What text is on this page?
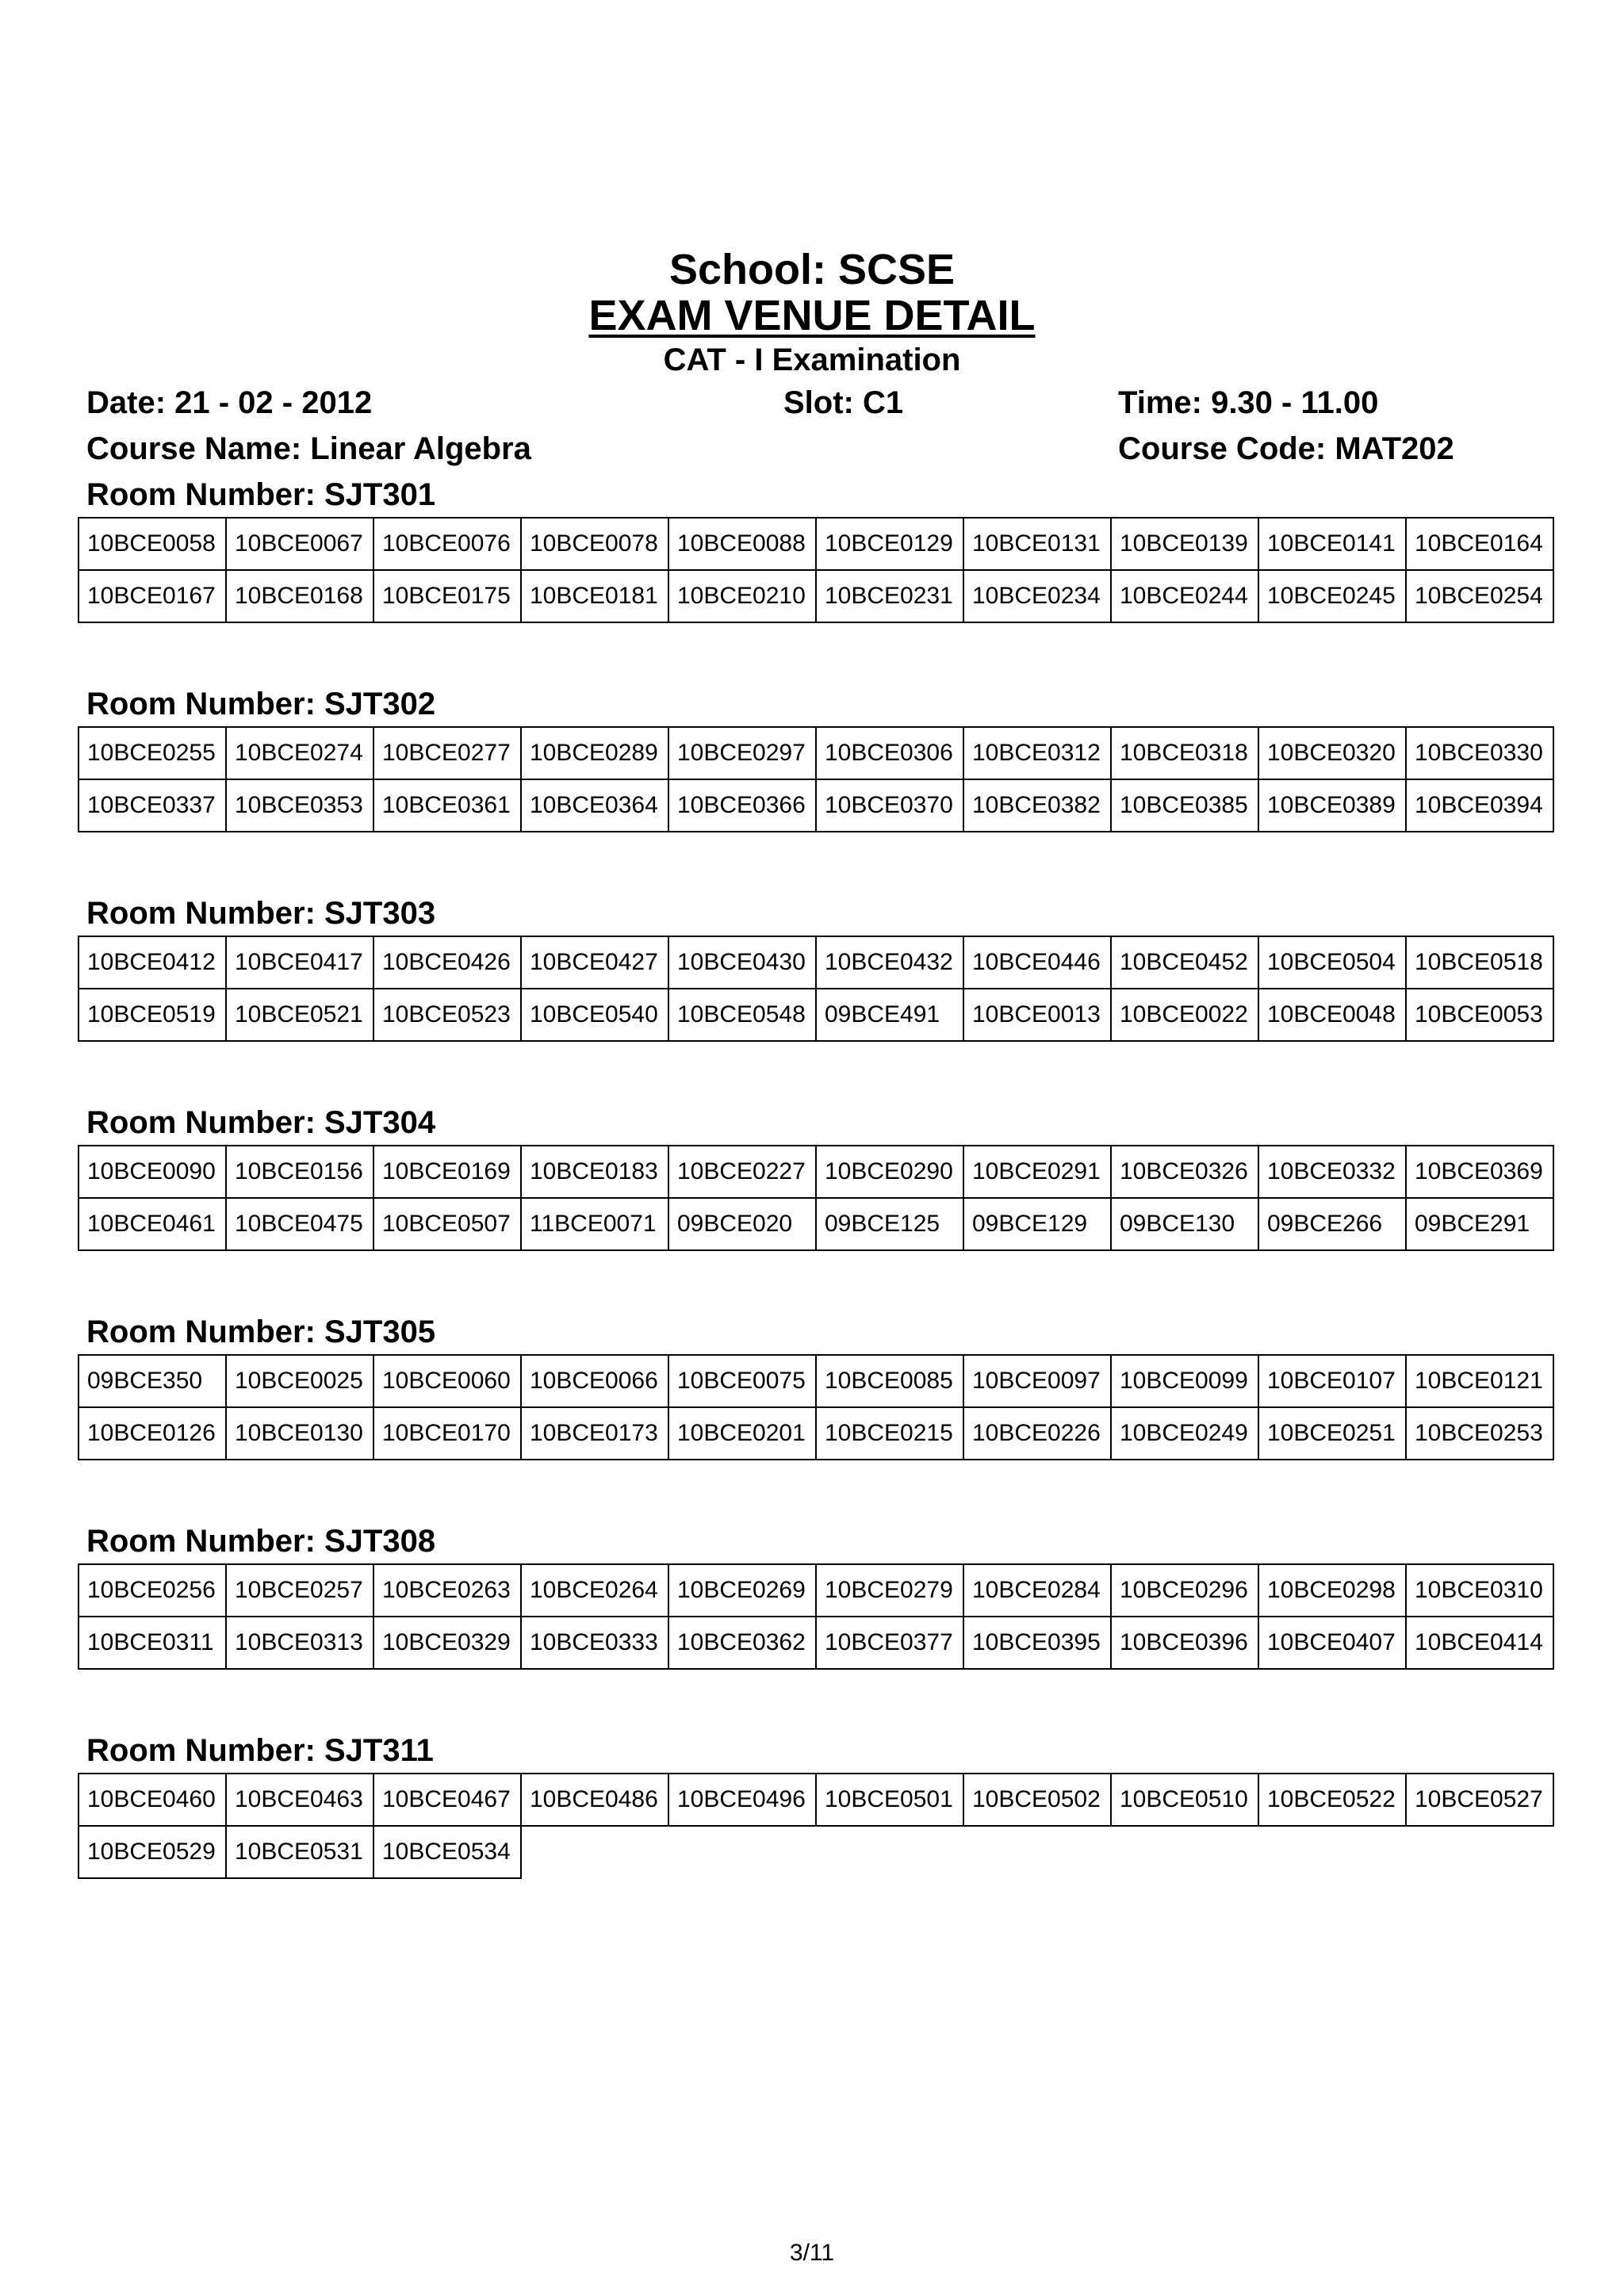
School: SCSE
EXAM VENUE DETAIL
CAT - I Examination
Date: 21 - 02 - 2012	Slot: C1	Time: 9.30 - 11.00
Course Name: Linear Algebra	Course Code: MAT202
Room Number: SJT301
10BCE0058	10BCE0067	10BCE0076	10BCE0078	10BCE0088	10BCE0129	10BCE0131	10BCE0139	10BCE0141	10BCE0164
10BCE0167	10BCE0168	10BCE0175	10BCE0181	10BCE0210	10BCE0231	10BCE0234	10BCE0244	10BCE0245	10BCE0254
Room Number: SJT302
10BCE0255	10BCE0274	10BCE0277	10BCE0289	10BCE0297	10BCE0306	10BCE0312	10BCE0318	10BCE0320	10BCE0330
10BCE0337	10BCE0353	10BCE0361	10BCE0364	10BCE0366	10BCE0370	10BCE0382	10BCE0385	10BCE0389	10BCE0394
Room Number: SJT303
10BCE0412	10BCE0417	10BCE0426	10BCE0427	10BCE0430	10BCE0432	10BCE0446	10BCE0452	10BCE0504	10BCE0518
10BCE0519	10BCE0521	10BCE0523	10BCE0540	10BCE0548	09BCE491	10BCE0013	10BCE0022	10BCE0048	10BCE0053
Room Number: SJT304
10BCE0090	10BCE0156	10BCE0169	10BCE0183	10BCE0227	10BCE0290	10BCE0291	10BCE0326	10BCE0332	10BCE0369
10BCE0461	10BCE0475	10BCE0507	11BCE0071	09BCE020	09BCE125	09BCE129	09BCE130	09BCE266	09BCE291
Room Number: SJT305
09BCE350	10BCE0025	10BCE0060	10BCE0066	10BCE0075	10BCE0085	10BCE0097	10BCE0099	10BCE0107	10BCE0121
10BCE0126	10BCE0130	10BCE0170	10BCE0173	10BCE0201	10BCE0215	10BCE0226	10BCE0249	10BCE0251	10BCE0253
Room Number: SJT308
10BCE0256	10BCE0257	10BCE0263	10BCE0264	10BCE0269	10BCE0279	10BCE0284	10BCE0296	10BCE0298	10BCE0310
10BCE0311	10BCE0313	10BCE0329	10BCE0333	10BCE0362	10BCE0377	10BCE0395	10BCE0396	10BCE0407	10BCE0414
Room Number: SJT311
10BCE0460	10BCE0463	10BCE0467	10BCE0486	10BCE0496	10BCE0501	10BCE0502	10BCE0510	10BCE0522	10BCE0527
10BCE0529	10BCE0531	10BCE0534							
3/11
